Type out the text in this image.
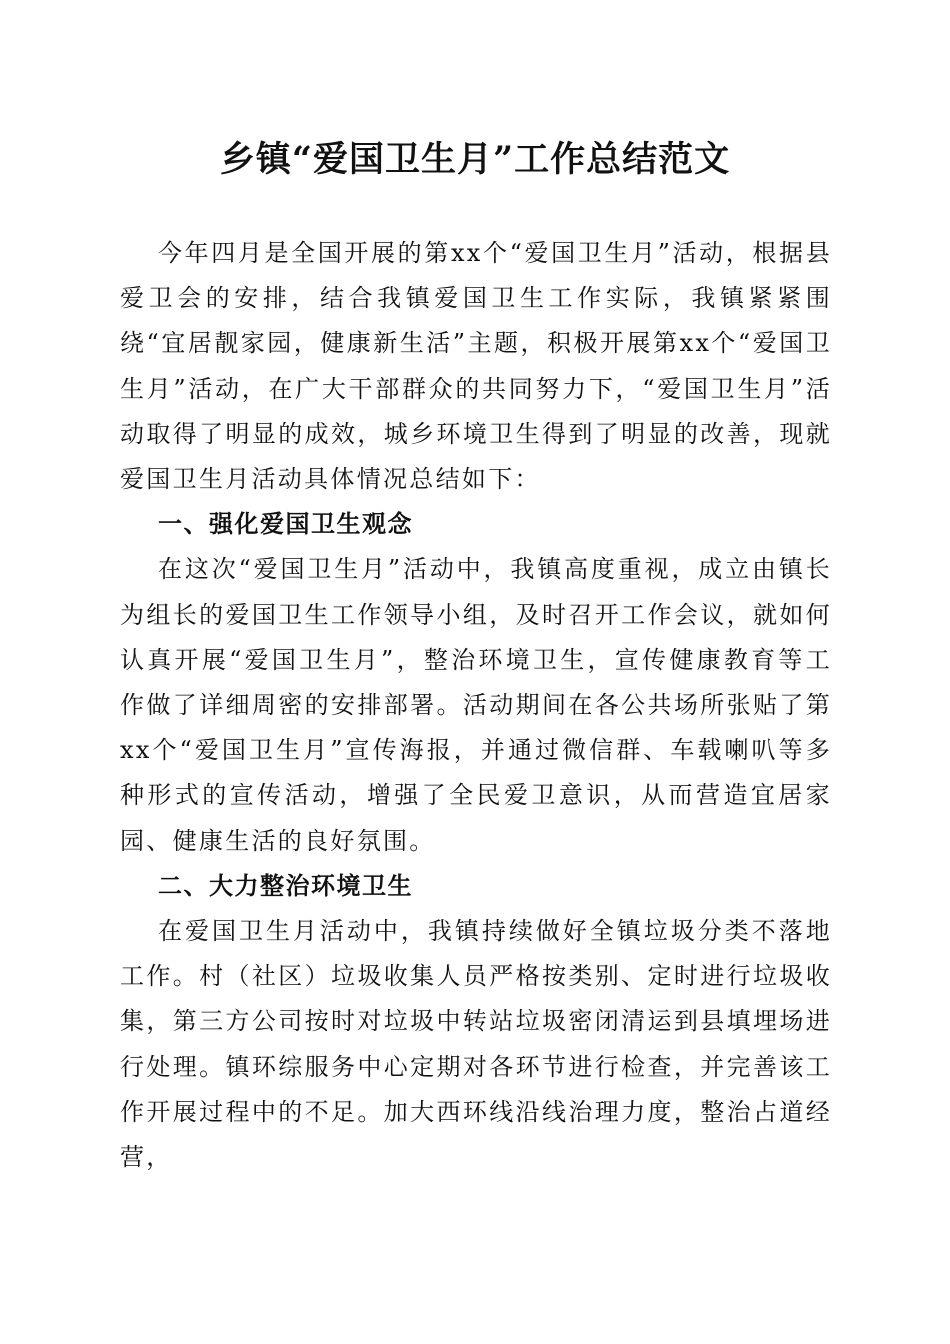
乡镇“爱国卫生月”工作总结范文

今年四月是全国开展的第xx个“爱国卫生月”活动，根据县爱卫会的安排，结合我镇爱国卫生工作实际，我镇紧紧围绕“宜居靓家园，健康新生活”主题，积极开展第xx个“爱国卫生月”活动，在广大干部群众的共同努力下，“爱国卫生月”活动取得了明显的成效，城乡环境卫生得到了明显的改善，现就爱国卫生月活动具体情况总结如下：

一、强化爱国卫生观念

在这次“爱国卫生月”活动中，我镇高度重视，成立由镇长为组长的爱国卫生工作领导小组，及时召开工作会议，就如何认真开展“爱国卫生月”，整治环境卫生，宣传健康教育等工作做了详细周密的安排部署。活动期间在各公共场所张贴了第xx个“爱国卫生月”宣传海报，并通过微信群、车载喇叭等多种形式的宣传活动，增强了全民爱卫意识，从而营造宜居家园、健康生活的良好氛围。

二、大力整治环境卫生

在爱国卫生月活动中，我镇持续做好全镇垃圾分类不落地工作。村（社区）垃圾收集人员严格按类别、定时进行垃圾收集，第三方公司按时对垃圾中转站垃圾密闭清运到县填埋场进行处理。镇环综服务中心定期对各环节进行检查，并完善该工作开展过程中的不足。加大西环线沿线治理力度，整治占道经营，
